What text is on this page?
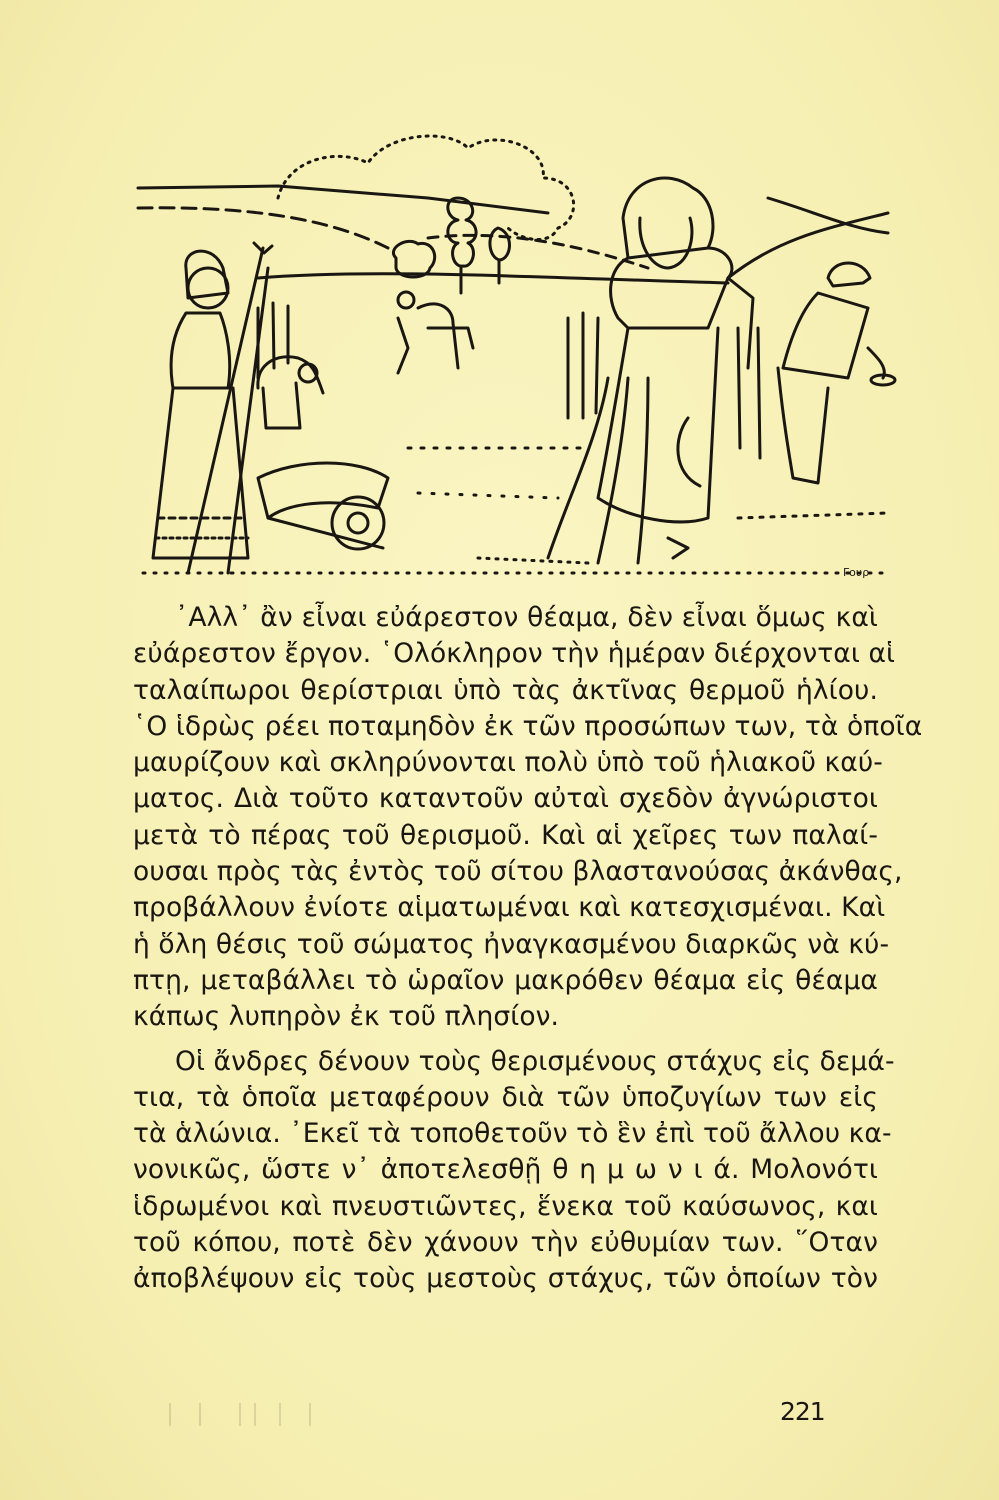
Γουρ

᾿Αλλ᾿ ἂν εἶναι εὐάρεστον θέαμα, δὲν εἶναι ὅμως καὶ
εὐάρεστον ἔργον. ῾Ολόκληρον τὴν ἡμέραν διέρχονται αἱ
ταλαίπωροι θερίστριαι ὑπὸ τὰς ἀκτῖνας θερμοῦ ἡλίου.
῾Ο ἱδρὼς ρέει ποταμηδὸν ἐκ τῶν προσώπων των, τὰ ὁποῖα
μαυρίζουν καὶ σκληρύνονται πολὺ ὑπὸ τοῦ ἡλιακοῦ καύ-
ματος. Διὰ τοῦτο καταντοῦν αὐταὶ σχεδὸν ἀγνώριστοι
μετὰ τὸ πέρας τοῦ θερισμοῦ. Καὶ αἱ χεῖρες των παλαί-
ουσαι πρὸς τὰς ἐντὸς τοῦ σίτου βλαστανούσας ἀκάνθας,
προβάλλουν ἐνίοτε αἱματωμέναι καὶ κατεσχισμέναι. Καὶ
ἡ ὅλη θέσις τοῦ σώματος ἠναγκασμένου διαρκῶς νὰ κύ-
πτῃ, μεταβάλλει τὸ ὡραῖον μακρόθεν θέαμα εἰς θέαμα
κάπως λυπηρὸν ἐκ τοῦ πλησίον.

Οἱ ἄνδρες δένουν τοὺς θερισμένους στάχυς εἰς δεμά-
τια, τὰ ὁποῖα μεταφέρουν διὰ τῶν ὑποζυγίων των εἰς
τὰ ἁλώνια. ᾿Εκεῖ τὰ τοποθετοῦν τὸ ἓν ἐπὶ τοῦ ἄλλου κα-
νονικῶς, ὥστε ν᾿ ἀποτελεσθῇ θ η μ ω ν ι ά. Μολονότι
ἱδρωμένοι καὶ πνευστιῶντες, ἕνεκα τοῦ καύσωνος, και
τοῦ κόπου, ποτὲ δὲν χάνουν τὴν εὐθυμίαν των. ῞Οταν
ἀποβλέψουν εἰς τοὺς μεστοὺς στάχυς, τῶν ὁποίων τὸν

221
